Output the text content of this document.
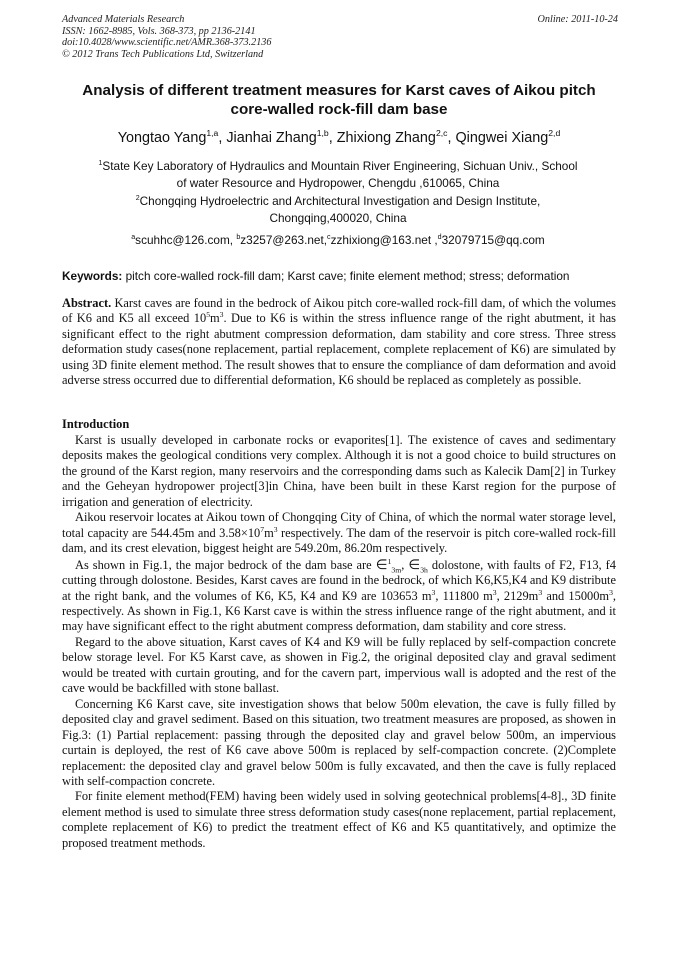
Advanced Materials Research
ISSN: 1662-8985, Vols. 368-373, pp 2136-2141
doi:10.4028/www.scientific.net/AMR.368-373.2136
© 2012 Trans Tech Publications Ltd, Switzerland
Online: 2011-10-24
Analysis of different treatment measures for Karst caves of Aikou pitch
core-walled rock-fill dam base
Yongtao Yang$^{1,a}$, Jianhai Zhang$^{1,b}$, Zhixiong Zhang$^{2,c}$, Qingwei Xiang$^{2,d}$
$^1$State Key Laboratory of Hydraulics and Mountain River Engineering, Sichuan Univ., School
of water Resource and Hydropower, Chengdu ,610065, China
$^2$Chongqing Hydroelectric and Architectural Investigation and Design Institute,
Chongqing,400020, China
$^a$scuhhc@126.com, $^b$z3257@263.net,$^c$zzhixiong@163.net ,$^d$32079715@qq.com
Keywords: pitch core-walled rock-fill dam; Karst cave; finite element method; stress; deformation

Abstract. Karst caves are found in the bedrock of Aikou pitch core-walled rock-fill dam, of which the volumes of K6 and K5 all exceed $10^5m^3$. Due to K6 is within the stress influence range of the right abutment, it has significant effect to the right abutment compression deformation, dam stability and core stress. Three stress deformation study cases(none replacement, partial replacement, complete replacement of K6) are simulated by using 3D finite element method. The result showes that to ensure the compliance of dam deformation and avoid adverse stress occurred due to differential deformation, K6 should be replaced as completely as possible.

Introduction

Karst is usually developed in carbonate rocks or evaporites[1]. The existence of caves and sedimentary deposits makes the geological conditions very complex. Although it is not a good choice to build structures on the ground of the Karst region, many reservoirs and the corresponding dams such as Kalecik Dam[2] in Turkey and the Geheyan hydropower project[3]in China, have been built in these Karst region for the purpose of irrigation and generation of electricity.

Aikou reservoir locates at Aikou town of Chongqing City of China, of which the normal water storage level, total capacity are 544.45m and $3.58\times 10^7m^3$ respectively. The dam of the reservoir is pitch core-walled rock-fill dam, and its crest elevation, biggest height are 549.20m, 86.20m respectively.

As shown in Fig.1, the major bedrock of the dam base are ∈$^1_{3m}$, $\in_{3h}$ dolostone, with faults of F2, F13, f4 cutting through dolostone. Besides, Karst caves are found in the bedrock, of which K6,K5,K4 and K9 distribute at the right bank, and the volumes of K6, K5, K4 and K9 are 103653 $m^3$, 111800 $m^3$, $2129m^3$ and $15000m^3$, respectively. As shown in Fig.1, K6 Karst cave is within the stress influence range of the right abutment, and it may have significant effect to the right abutment compress deformation, dam stability and core stress.

Regard to the above situation, Karst caves of K4 and K9 will be fully replaced by self-compaction concrete below storage level. For K5 Karst cave, as showen in Fig.2, the original deposited clay and graval sediment would be treated with curtain grouting, and for the cavern part, impervious wall is adopted and the rest of the cave would be backfilled with stone ballast.

Concerning K6 Karst cave, site investigation shows that below 500m elevation, the cave is fully filled by deposited clay and gravel sediment. Based on this situation, two treatment measures are proposed, as showen in Fig.3: (1) Partial replacement: passing through the deposited clay and gravel below 500m, an impervious curtain is deployed, the rest of K6 cave above 500m is replaced by self-compaction concrete. (2)Complete replacement: the deposited clay and gravel below 500m is fully excavated, and then the cave is fully replaced with self-compaction concrete.

For finite element method(FEM) having been widely used in solving geotechnical problems[4-8]., 3D finite element method is used to simulate three stress deformation study cases(none replacement, partial replacement, complete replacement of K6) to predict the treatment effect of K6 and K5 quantitatively, and optimize the proposed treatment methods.
